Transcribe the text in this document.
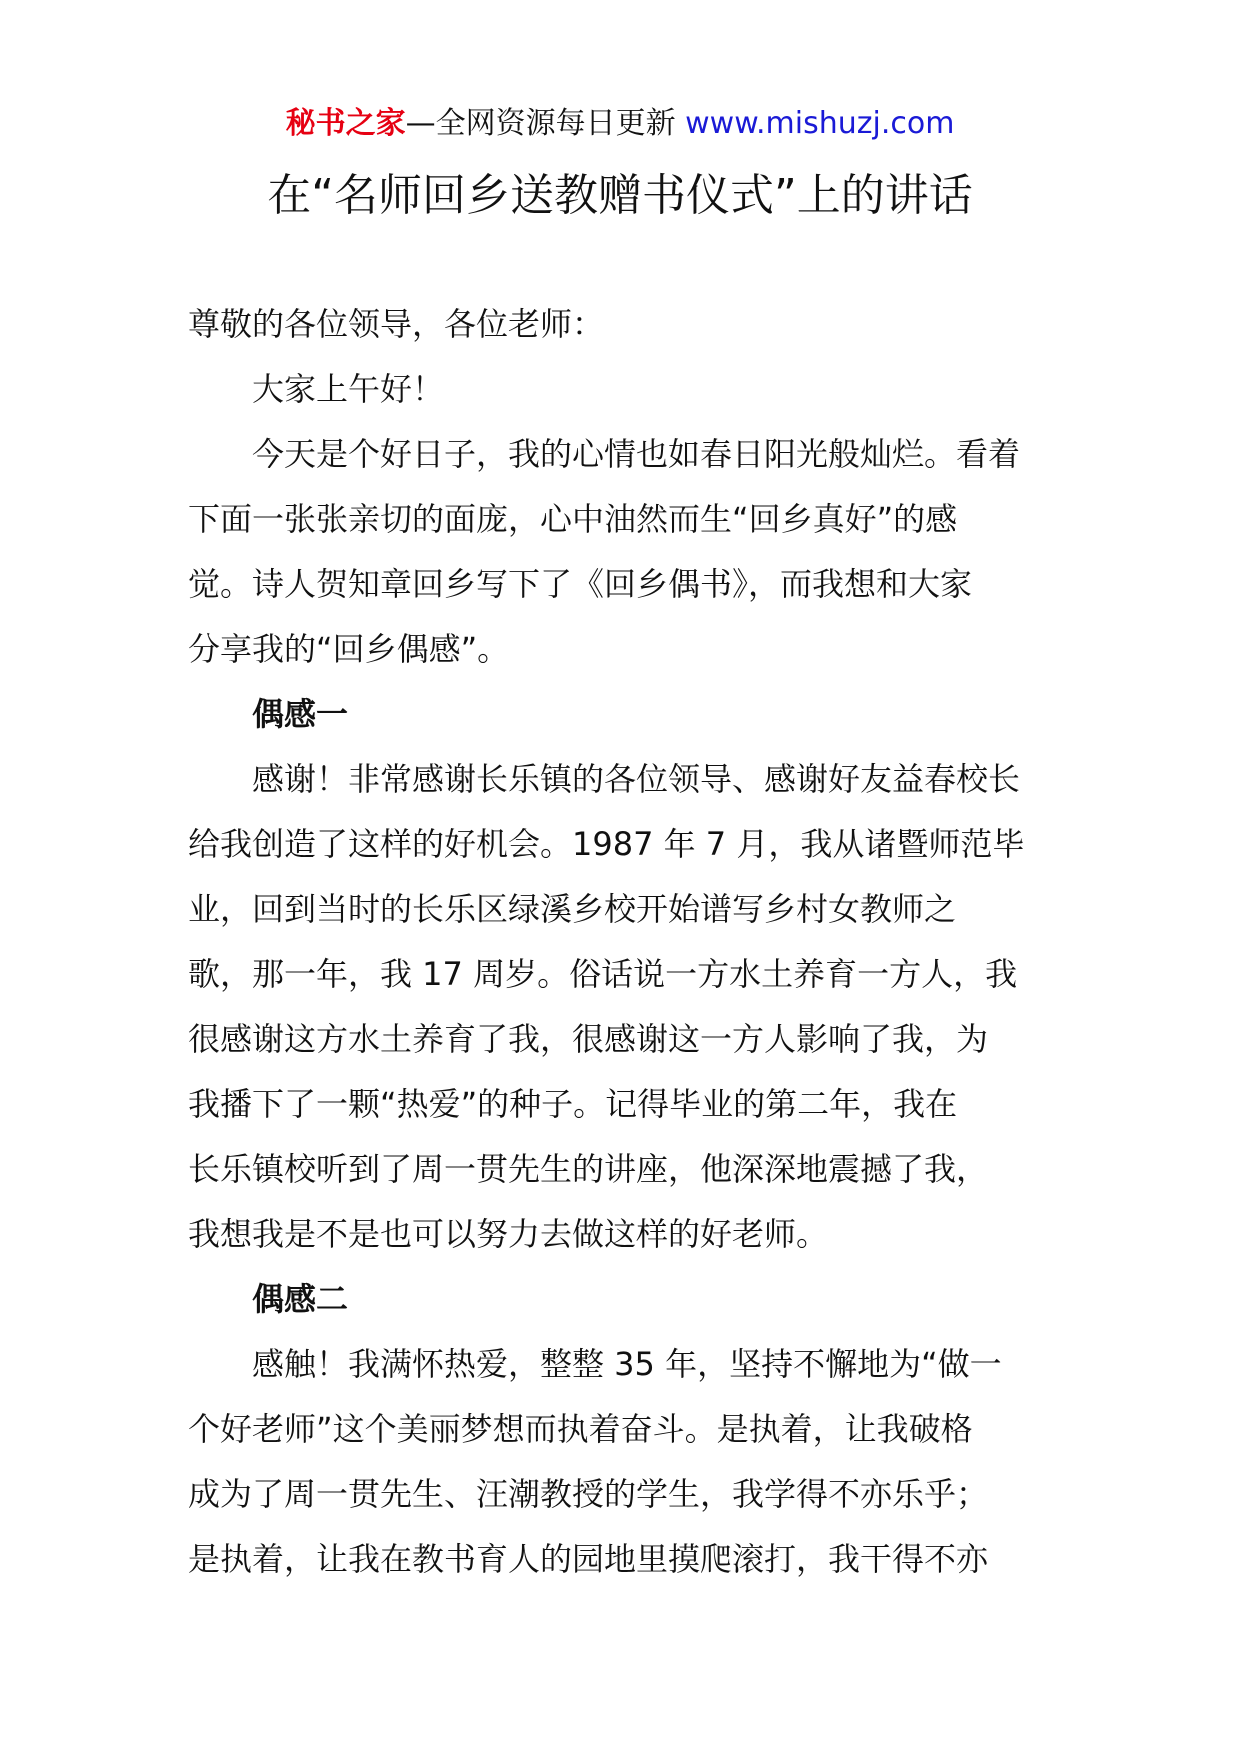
秘书之家—全网资源每日更新 www.mishuzj.com
在“名师回乡送教赠书仪式”上的讲话
尊敬的各位领导，各位老师：
大家上午好！
今天是个好日子，我的心情也如春日阳光般灿烂。看着
下面一张张亲切的面庞，心中油然而生“回乡真好”的感
觉。诗人贺知章回乡写下了《回乡偶书》，而我想和大家
分享我的“回乡偶感”。
偶感一
感谢！非常感谢长乐镇的各位领导、感谢好友益春校长
给我创造了这样的好机会。1987 年 7 月，我从诸暨师范毕
业，回到当时的长乐区绿溪乡校开始谱写乡村女教师之
歌，那一年，我 17 周岁。俗话说一方水土养育一方人，我
很感谢这方水土养育了我，很感谢这一方人影响了我，为
我播下了一颗“热爱”的种子。记得毕业的第二年，我在
长乐镇校听到了周一贯先生的讲座，他深深地震撼了我，
我想我是不是也可以努力去做这样的好老师。
偶感二
感触！我满怀热爱，整整 35 年，坚持不懈地为“做一
个好老师”这个美丽梦想而执着奋斗。是执着，让我破格
成为了周一贯先生、汪潮教授的学生，我学得不亦乐乎；
是执着，让我在教书育人的园地里摸爬滚打，我干得不亦
